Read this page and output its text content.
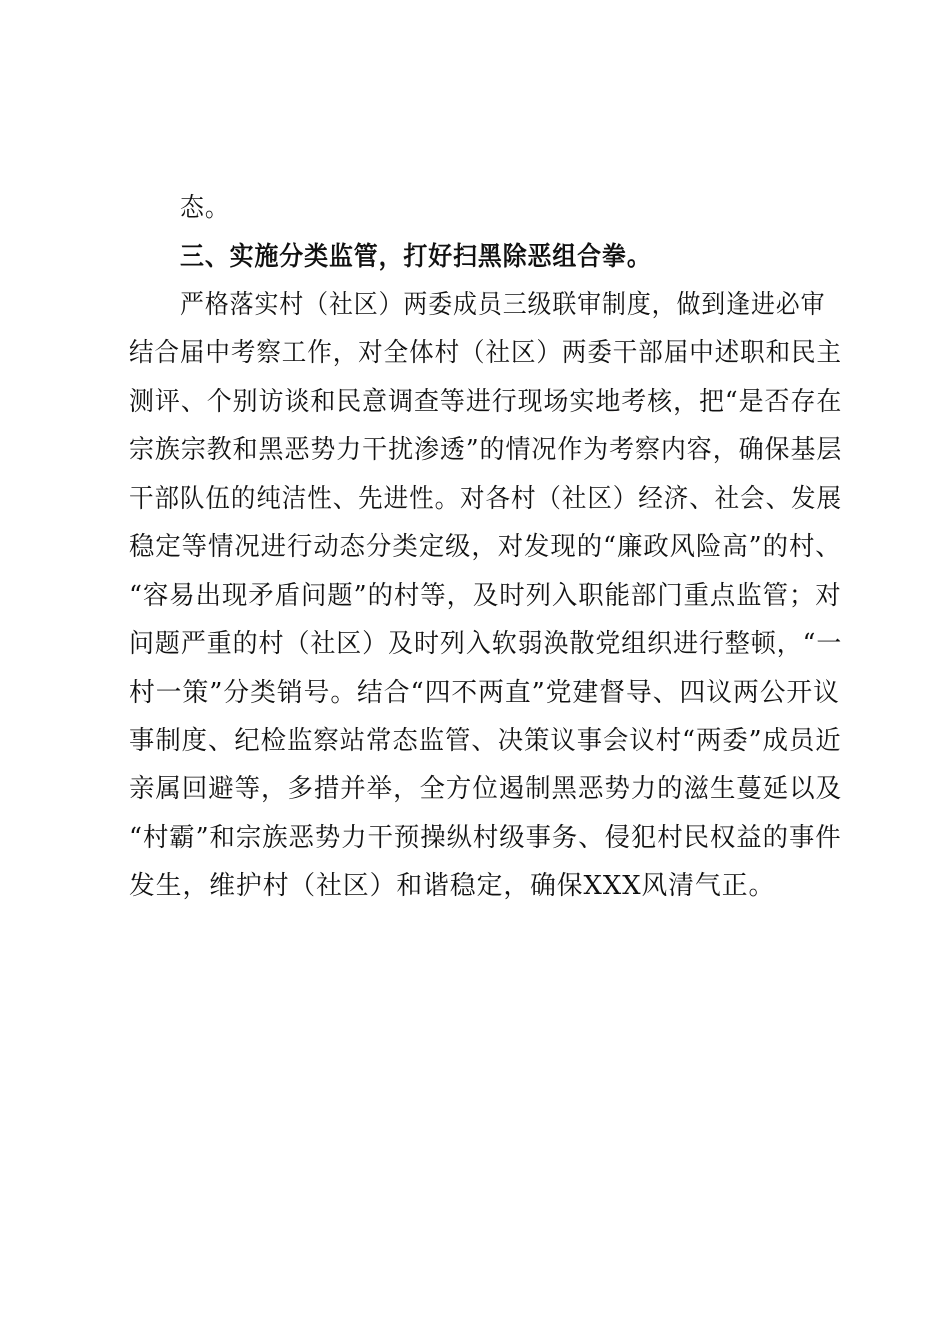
态。
三、实施分类监管，打好扫黑除恶组合拳。
严格落实村（社区）两委成员三级联审制度，做到逢进必审
结合届中考察工作，对全体村（社区）两委干部届中述职和民主
测评、个别访谈和民意调查等进行现场实地考核，把“是否存在
宗族宗教和黑恶势力干扰渗透”的情况作为考察内容，确保基层
干部队伍的纯洁性、先进性。对各村（社区）经济、社会、发展
稳定等情况进行动态分类定级，对发现的“廉政风险高”的村、
“容易出现矛盾问题”的村等，及时列入职能部门重点监管；对
问题严重的村（社区）及时列入软弱涣散党组织进行整顿，“一
村一策”分类销号。结合“四不两直”党建督导、四议两公开议
事制度、纪检监察站常态监管、决策议事会议村“两委”成员近
亲属回避等，多措并举，全方位遏制黑恶势力的滋生蔓延以及
“村霸”和宗族恶势力干预操纵村级事务、侵犯村民权益的事件
发生，维护村（社区）和谐稳定，确保XXX风清气正。
